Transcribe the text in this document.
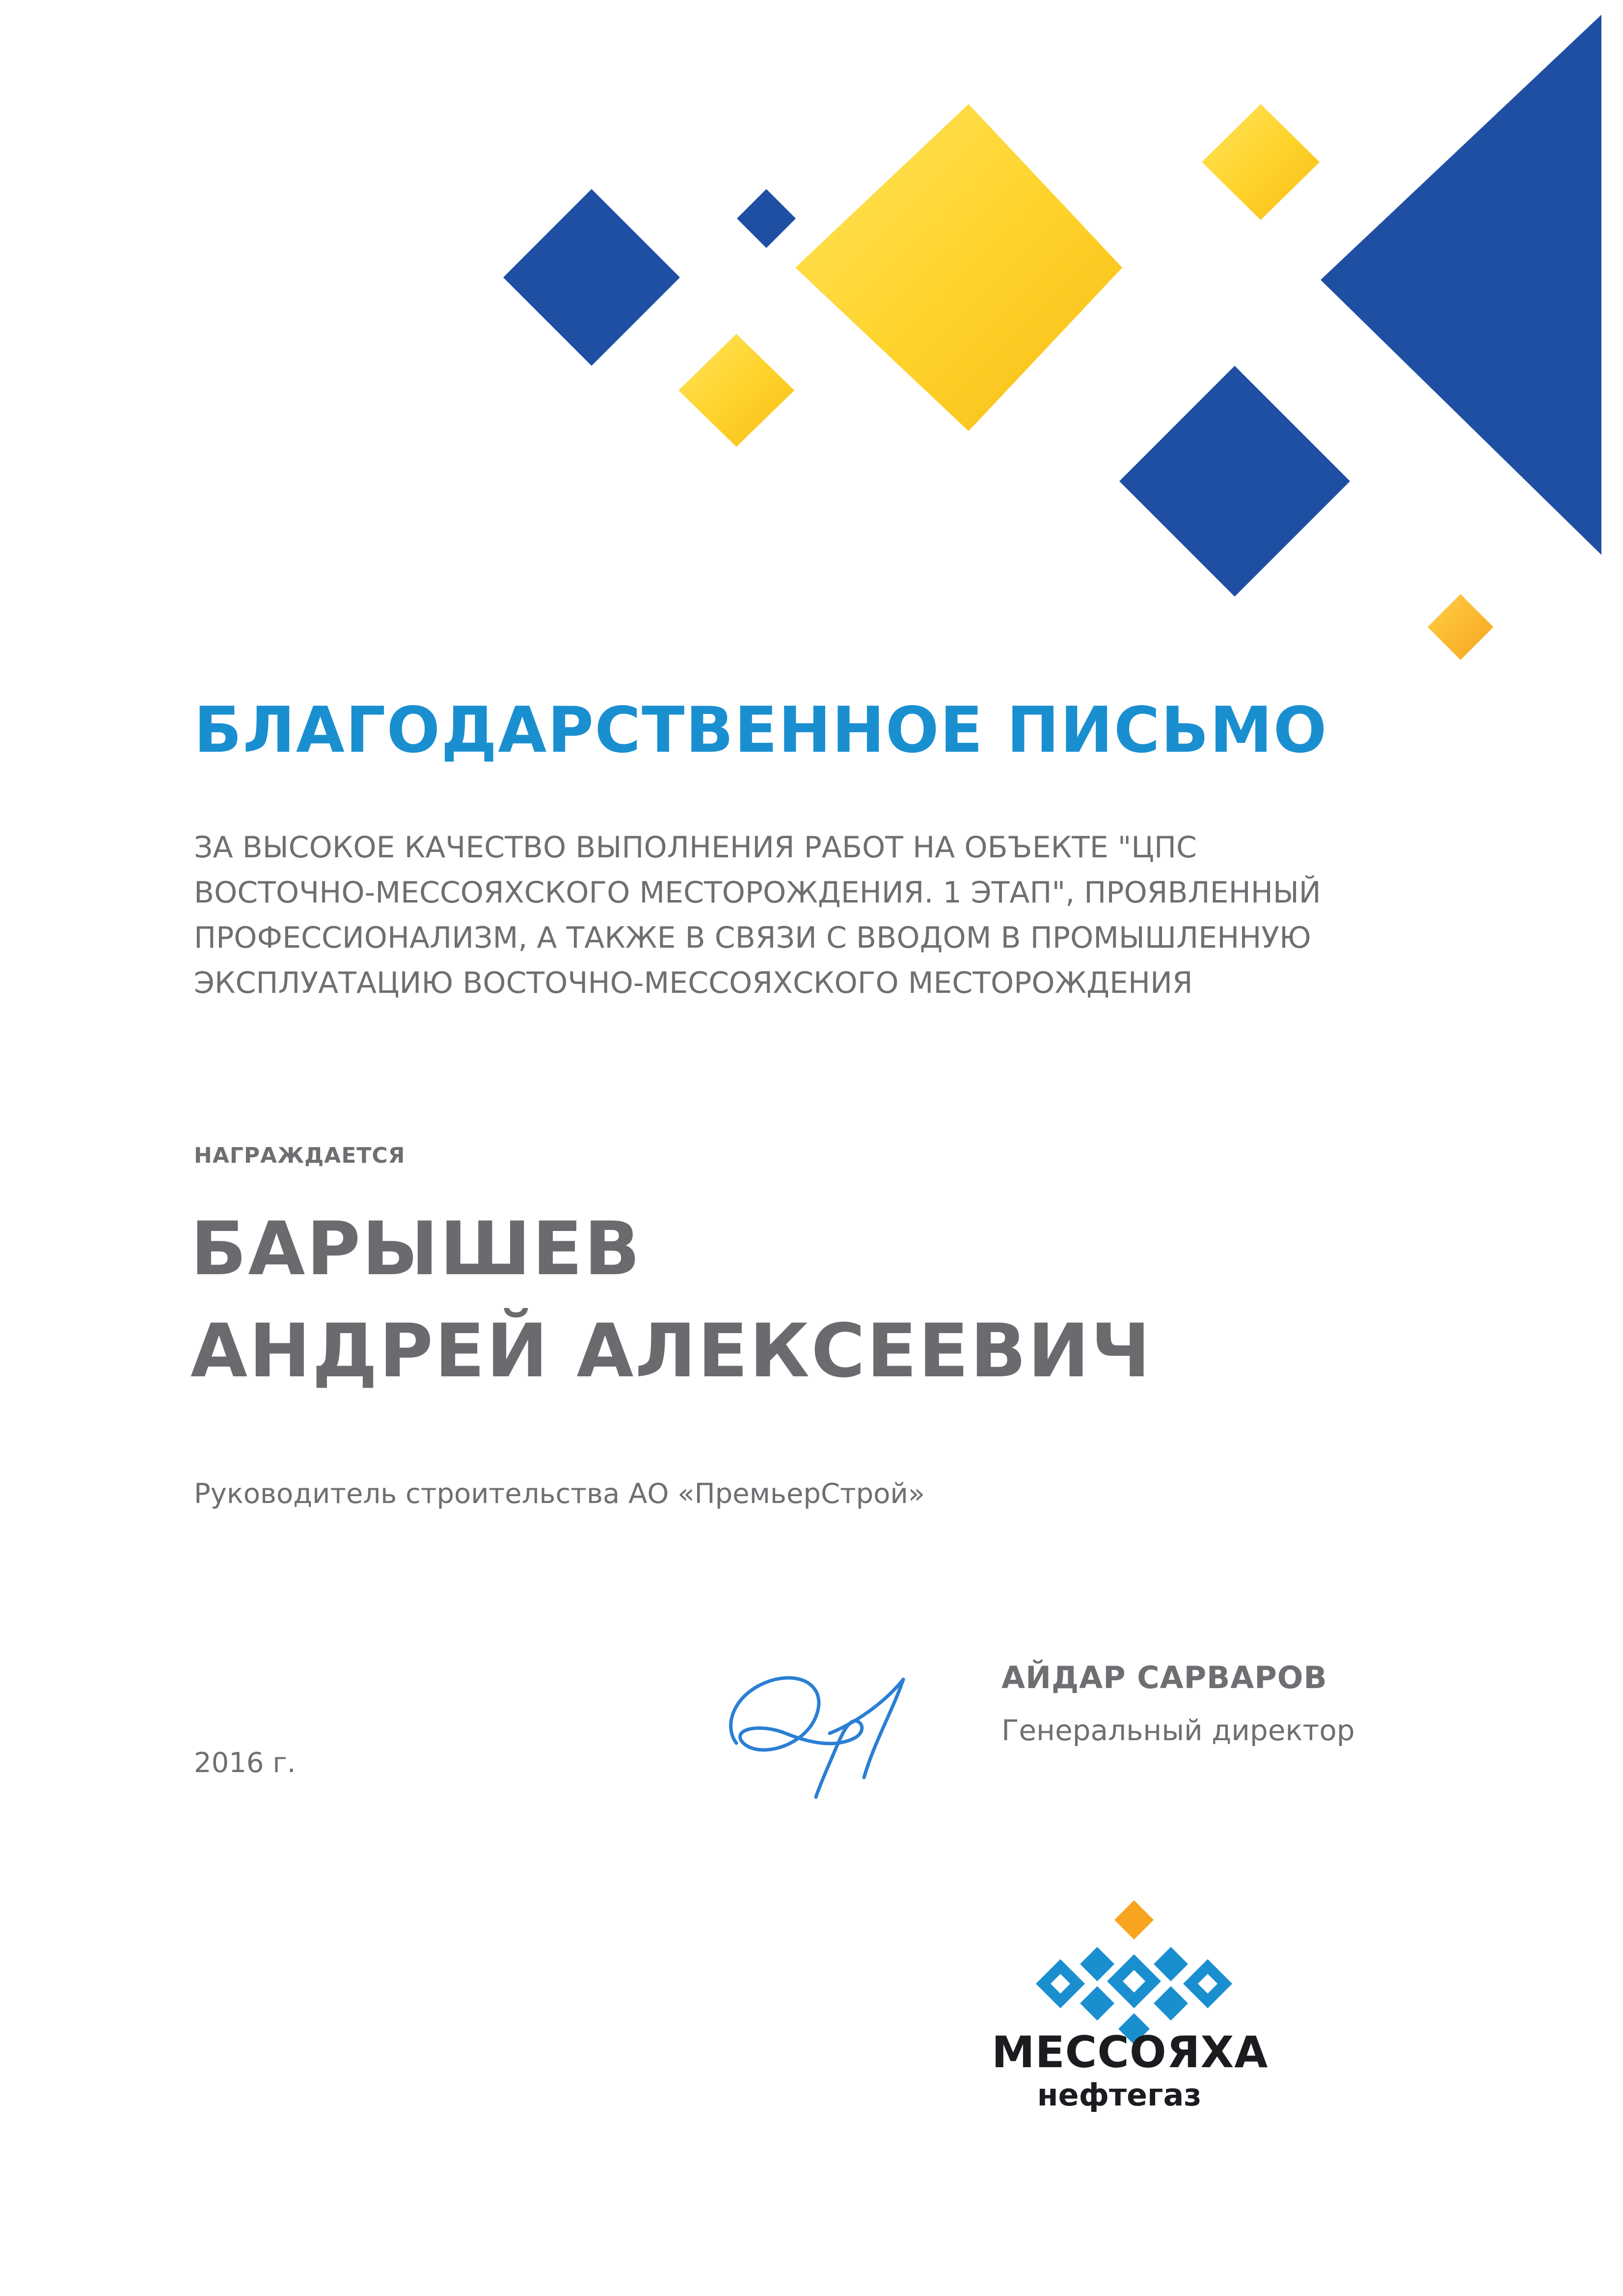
БЛАГОДАРСТВЕННОЕ ПИСЬМО
ЗА ВЫСОКОЕ КАЧЕСТВО ВЫПОЛНЕНИЯ РАБОТ НА ОБЪЕКТЕ "ЦПС
ВОСТОЧНО-МЕССОЯХСКОГО МЕСТОРОЖДЕНИЯ. 1 ЭТАП", ПРОЯВЛЕННЫЙ
ПРОФЕССИОНАЛИЗМ, А ТАКЖЕ В СВЯЗИ С ВВОДОМ В ПРОМЫШЛЕННУЮ
ЭКСПЛУАТАЦИЮ ВОСТОЧНО-МЕССОЯХСКОГО МЕСТОРОЖДЕНИЯ

НАГРАЖДАЕТСЯ

БАРЫШЕВ
АНДРЕЙ АЛЕКСЕЕВИЧ

Руководитель строительства АО «ПремьерСтрой»

АЙДАР САРВАРОВ

Генеральный директор

2016 г.

МЕССОЯХА
нефтегаз
